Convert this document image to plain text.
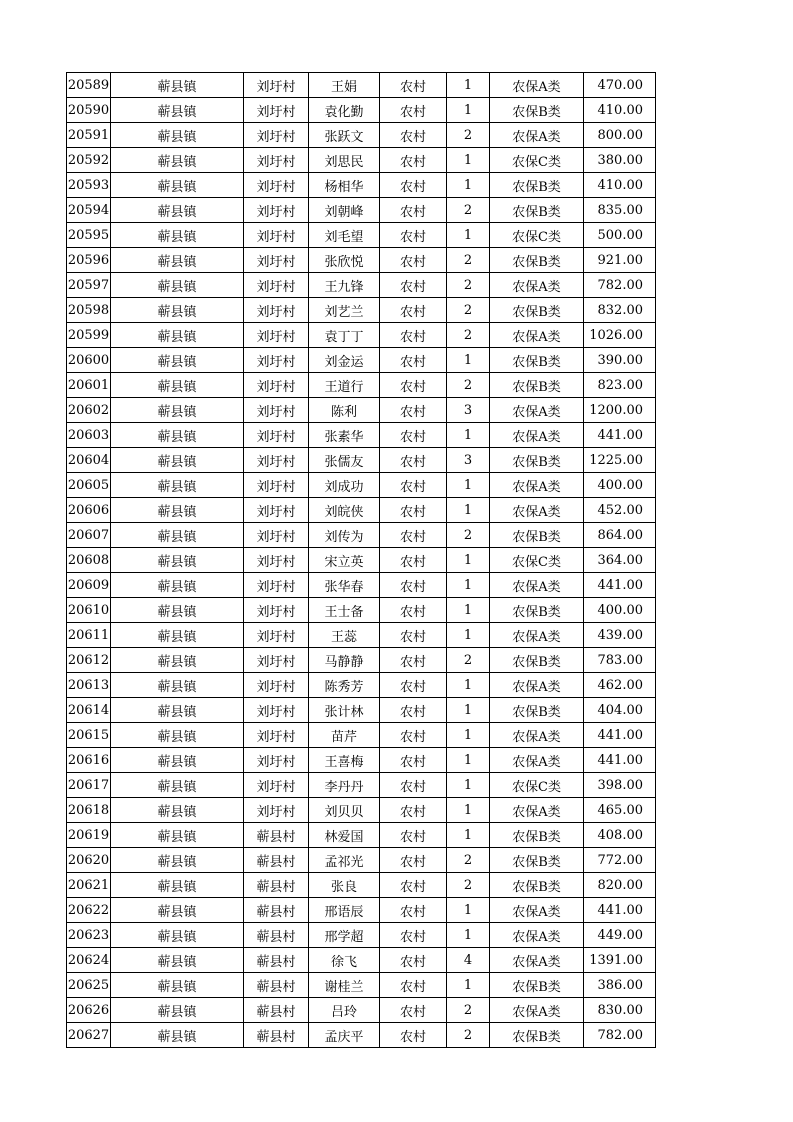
20589	蕲县镇	刘圩村	王娟	农村	1	农保A类	470.00
20590	蕲县镇	刘圩村	袁化勤	农村	1	农保B类	410.00
20591	蕲县镇	刘圩村	张跃文	农村	2	农保A类	800.00
20592	蕲县镇	刘圩村	刘思民	农村	1	农保C类	380.00
20593	蕲县镇	刘圩村	杨相华	农村	1	农保B类	410.00
20594	蕲县镇	刘圩村	刘朝峰	农村	2	农保B类	835.00
20595	蕲县镇	刘圩村	刘毛望	农村	1	农保C类	500.00
20596	蕲县镇	刘圩村	张欣悦	农村	2	农保B类	921.00
20597	蕲县镇	刘圩村	王九锋	农村	2	农保A类	782.00
20598	蕲县镇	刘圩村	刘艺兰	农村	2	农保B类	832.00
20599	蕲县镇	刘圩村	袁丁丁	农村	2	农保A类	1026.00
20600	蕲县镇	刘圩村	刘金运	农村	1	农保B类	390.00
20601	蕲县镇	刘圩村	王道行	农村	2	农保B类	823.00
20602	蕲县镇	刘圩村	陈利	农村	3	农保A类	1200.00
20603	蕲县镇	刘圩村	张素华	农村	1	农保A类	441.00
20604	蕲县镇	刘圩村	张儒友	农村	3	农保B类	1225.00
20605	蕲县镇	刘圩村	刘成功	农村	1	农保A类	400.00
20606	蕲县镇	刘圩村	刘皖侠	农村	1	农保A类	452.00
20607	蕲县镇	刘圩村	刘传为	农村	2	农保B类	864.00
20608	蕲县镇	刘圩村	宋立英	农村	1	农保C类	364.00
20609	蕲县镇	刘圩村	张华春	农村	1	农保A类	441.00
20610	蕲县镇	刘圩村	王士备	农村	1	农保B类	400.00
20611	蕲县镇	刘圩村	王蕊	农村	1	农保A类	439.00
20612	蕲县镇	刘圩村	马静静	农村	2	农保B类	783.00
20613	蕲县镇	刘圩村	陈秀芳	农村	1	农保A类	462.00
20614	蕲县镇	刘圩村	张计林	农村	1	农保B类	404.00
20615	蕲县镇	刘圩村	苗芹	农村	1	农保A类	441.00
20616	蕲县镇	刘圩村	王喜梅	农村	1	农保A类	441.00
20617	蕲县镇	刘圩村	李丹丹	农村	1	农保C类	398.00
20618	蕲县镇	刘圩村	刘贝贝	农村	1	农保A类	465.00
20619	蕲县镇	蕲县村	林爱国	农村	1	农保B类	408.00
20620	蕲县镇	蕲县村	孟祁光	农村	2	农保B类	772.00
20621	蕲县镇	蕲县村	张良	农村	2	农保B类	820.00
20622	蕲县镇	蕲县村	邢语辰	农村	1	农保A类	441.00
20623	蕲县镇	蕲县村	邢学超	农村	1	农保A类	449.00
20624	蕲县镇	蕲县村	徐飞	农村	4	农保A类	1391.00
20625	蕲县镇	蕲县村	谢桂兰	农村	1	农保B类	386.00
20626	蕲县镇	蕲县村	吕玲	农村	2	农保A类	830.00
20627	蕲县镇	蕲县村	孟庆平	农村	2	农保B类	782.00
